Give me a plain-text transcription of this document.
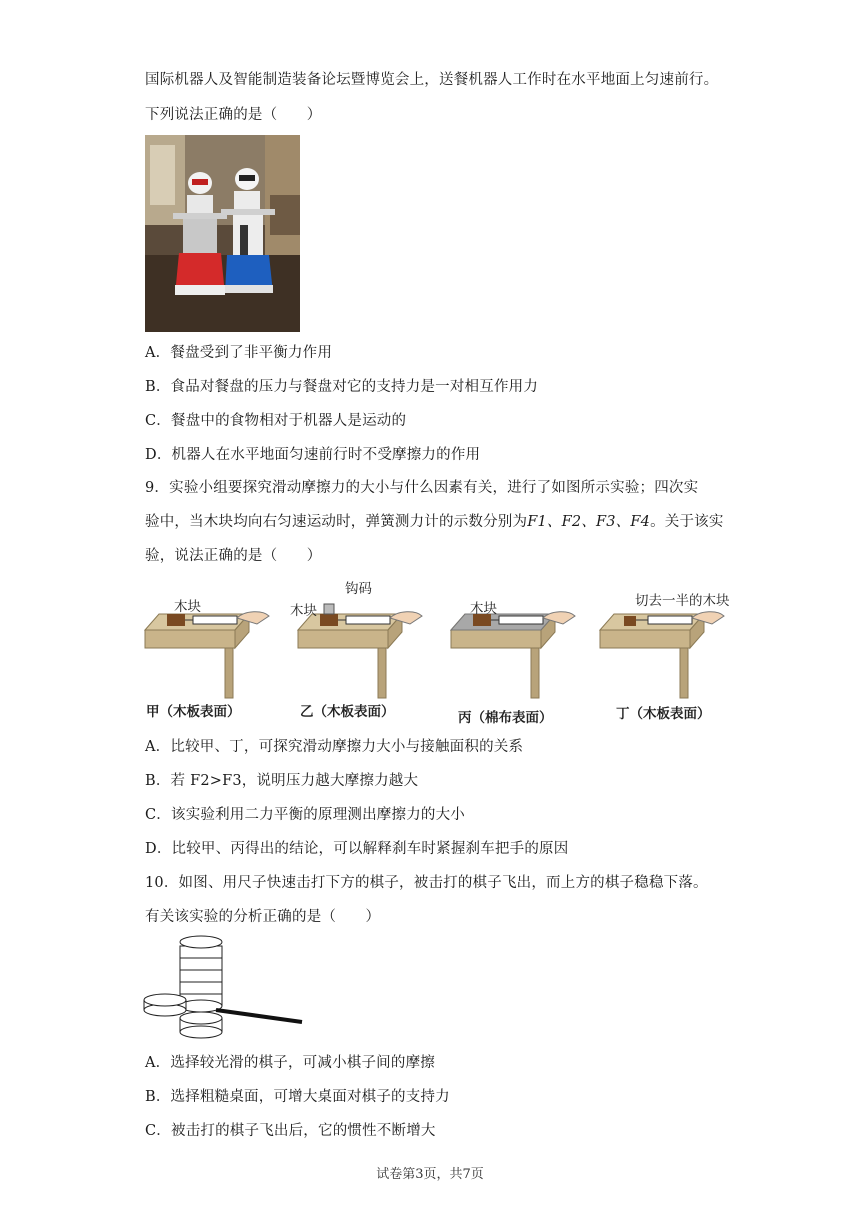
国际机器人及智能制造装备论坛暨博览会上，送餐机器人工作时在水平地面上匀速前行。
下列说法正确的是（　　）
A．餐盘受到了非平衡力作用
B．食品对餐盘的压力与餐盘对它的支持力是一对相互作用力
C．餐盘中的食物相对于机器人是运动的
D．机器人在水平地面匀速前行时不受摩擦力的作用
9．实验小组要探究滑动摩擦力的大小与什么因素有关，进行了如图所示实验；四次实
验中，当木块均向右匀速运动时，弹簧测力计的示数分别为F1、F2、F3、F4。关于该实
验，说法正确的是（　　）
木块
钩码
木块	木块	切去一半的木块
甲（木板表面）	乙（木板表面）	丙（棉布表面）	丁（木板表面）
A．比较甲、丁，可探究滑动摩擦力大小与接触面积的关系
B．若 F2>F3，说明压力越大摩擦力越大
C．该实验利用二力平衡的原理测出摩擦力的大小
D．比较甲、丙得出的结论，可以解释刹车时紧握刹车把手的原因
10．如图、用尺子快速击打下方的棋子，被击打的棋子飞出，而上方的棋子稳稳下落。
有关该实验的分析正确的是（　　）
A．选择较光滑的棋子，可减小棋子间的摩擦
B．选择粗糙桌面，可增大桌面对棋子的支持力
C．被击打的棋子飞出后，它的惯性不断增大
试卷第3页，共7页
